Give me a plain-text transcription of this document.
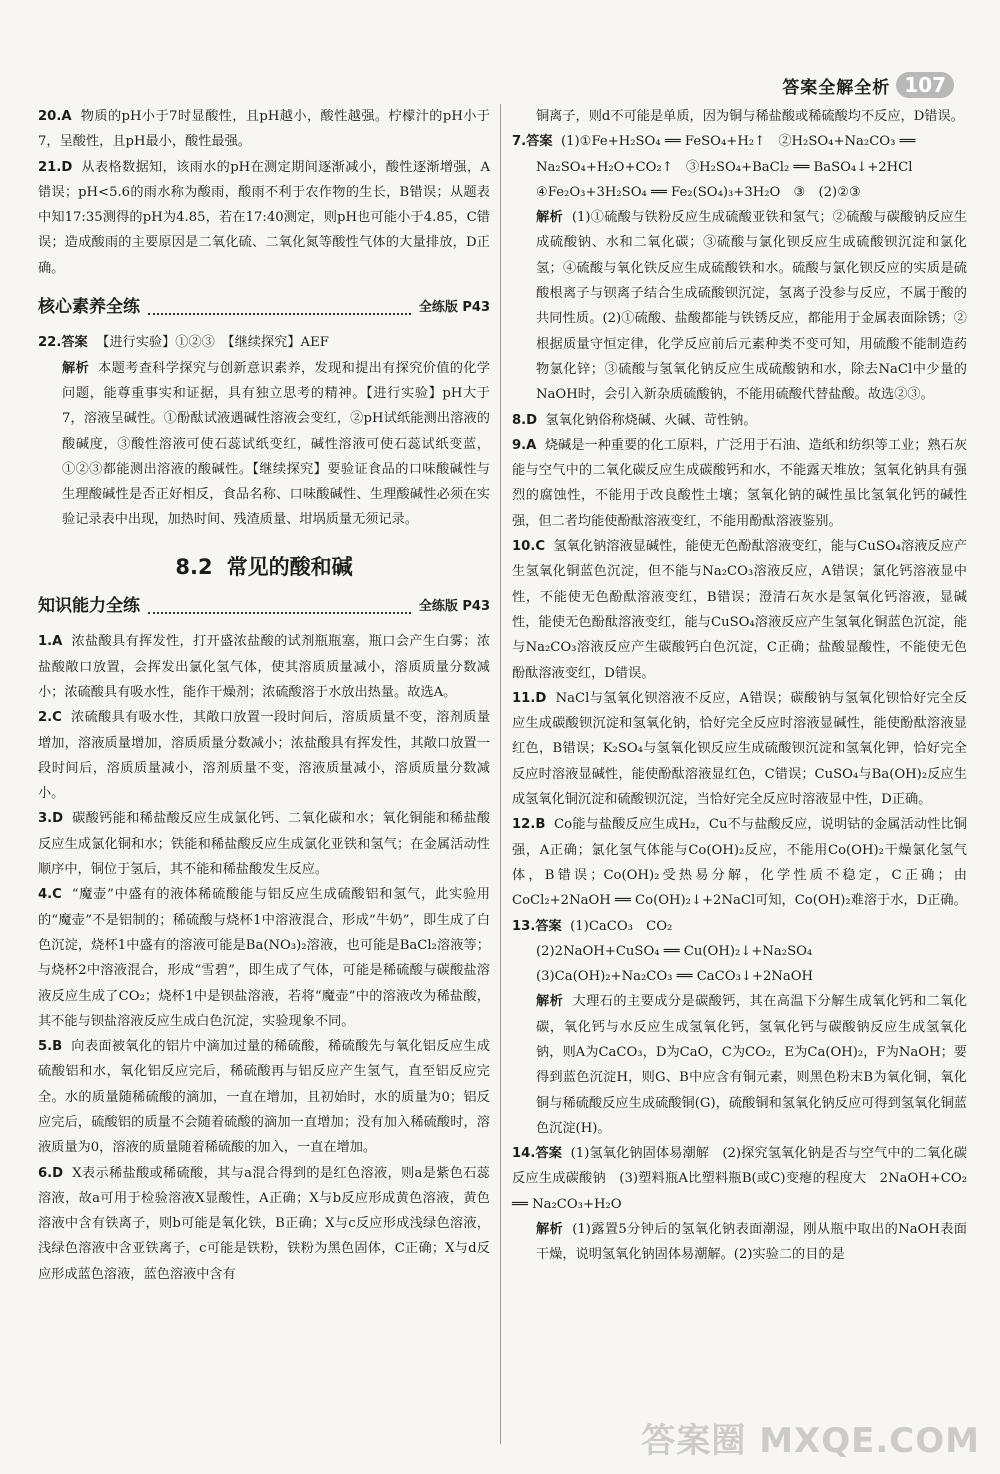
答案全解全析 107

20.A 物质的pH小于7时显酸性，且pH越小，酸性越强。柠檬汁的pH小于7，呈酸性，且pH最小，酸性最强。

21.D 从表格数据知，该雨水的pH在测定期间逐渐减小，酸性逐渐增强，A错误；pH<5.6的雨水称为酸雨，酸雨不利于农作物的生长，B错误；从题表中知17:35测得的pH为4.85，若在17:40测定，则pH也可能小于4.85，C错误；造成酸雨的主要原因是二氧化硫、二氧化氮等酸性气体的大量排放，D正确。

核心素养全练	全练版 P43

22.答案 【进行实验】①②③　【继续探究】AEF

解析 本题考查科学探究与创新意识素养，发现和提出有探究价值的化学问题，能尊重事实和证据，具有独立思考的精神。【进行实验】pH大于7，溶液呈碱性。①酚酞试液遇碱性溶液会变红，②pH试纸能测出溶液的酸碱度，③酸性溶液可使石蕊试纸变红，碱性溶液可使石蕊试纸变蓝，①②③都能测出溶液的酸碱性。【继续探究】要验证食品的口味酸碱性与生理酸碱性是否正好相反，食品名称、口味酸碱性、生理酸碱性必须在实验记录表中出现，加热时间、残渣质量、坩埚质量无须记录。

8.2 常见的酸和碱
知识能力全练	全练版 P43

1.A 浓盐酸具有挥发性，打开盛浓盐酸的试剂瓶瓶塞，瓶口会产生白雾；浓盐酸敞口放置，会挥发出氯化氢气体，使其溶质质量减小，溶质质量分数减小；浓硫酸具有吸水性，能作干燥剂；浓硫酸溶于水放出热量。故选A。

2.C 浓硫酸具有吸水性，其敞口放置一段时间后，溶质质量不变，溶剂质量增加，溶液质量增加，溶质质量分数减小；浓盐酸具有挥发性，其敞口放置一段时间后，溶质质量减小，溶剂质量不变，溶液质量减小，溶质质量分数减小。

3.D 碳酸钙能和稀盐酸反应生成氯化钙、二氧化碳和水；氧化铜能和稀盐酸反应生成氯化铜和水；铁能和稀盐酸反应生成氯化亚铁和氢气；在金属活动性顺序中，铜位于氢后，其不能和稀盐酸发生反应。

4.C “魔壶”中盛有的液体稀硫酸能与铝反应生成硫酸铝和氢气，此实验用的“魔壶”不是铝制的；稀硫酸与烧杯1中溶液混合，形成“牛奶”，即生成了白色沉淀，烧杯1中盛有的溶液可能是Ba(NO₃)₂溶液，也可能是BaCl₂溶液等；与烧杯2中溶液混合，形成“雪碧”，即生成了气体，可能是稀硫酸与碳酸盐溶液反应生成了CO₂；烧杯1中是钡盐溶液，若将“魔壶”中的溶液改为稀盐酸，其不能与钡盐溶液反应生成白色沉淀，实验现象不同。

5.B 向表面被氧化的铝片中滴加过量的稀硫酸，稀硫酸先与氧化铝反应生成硫酸铝和水，氧化铝反应完后，稀硫酸再与铝反应产生氢气，直至铝反应完全。水的质量随稀硫酸的滴加，一直在增加，且初始时，水的质量为0；铝反应完后，硫酸铝的质量不会随着硫酸的滴加一直增加；没有加入稀硫酸时，溶液质量为0，溶液的质量随着稀硫酸的加入，一直在增加。

6.D X表示稀盐酸或稀硫酸，其与a混合得到的是红色溶液，则a是紫色石蕊溶液，故a可用于检验溶液X显酸性，A正确；X与b反应形成黄色溶液，黄色溶液中含有铁离子，则b可能是氧化铁，B正确；X与c反应形成浅绿色溶液，浅绿色溶液中含亚铁离子，c可能是铁粉，铁粉为黑色固体，C正确；X与d反应形成蓝色溶液，蓝色溶液中含有

铜离子，则d不可能是单质，因为铜与稀盐酸或稀硫酸均不反应，D错误。

7.答案 (1)①Fe+H₂SO₄ ══ FeSO₄+H₂↑　②H₂SO₄+Na₂CO₃ ══

Na₂SO₄+H₂O+CO₂↑　③H₂SO₄+BaCl₂ ══ BaSO₄↓+2HCl

④Fe₂O₃+3H₂SO₄ ══ Fe₂(SO₄)₃+3H₂O　③　(2)②③

解析 (1)①硫酸与铁粉反应生成硫酸亚铁和氢气；②硫酸与碳酸钠反应生成硫酸钠、水和二氧化碳；③硫酸与氯化钡反应生成硫酸钡沉淀和氯化氢；④硫酸与氧化铁反应生成硫酸铁和水。硫酸与氯化钡反应的实质是硫酸根离子与钡离子结合生成硫酸钡沉淀，氢离子没参与反应，不属于酸的共同性质。(2)①硫酸、盐酸都能与铁锈反应，都能用于金属表面除锈；②根据质量守恒定律，化学反应前后元素种类不变可知，用硫酸不能制造药物氯化锌；③硫酸与氢氧化钠反应生成硫酸钠和水，除去NaCl中少量的NaOH时，会引入新杂质硫酸钠，不能用硫酸代替盐酸。故选②③。

8.D 氢氧化钠俗称烧碱、火碱、苛性钠。

9.A 烧碱是一种重要的化工原料，广泛用于石油、造纸和纺织等工业；熟石灰能与空气中的二氧化碳反应生成碳酸钙和水，不能露天堆放；氢氧化钠具有强烈的腐蚀性，不能用于改良酸性土壤；氢氧化钠的碱性虽比氢氧化钙的碱性强，但二者均能使酚酞溶液变红，不能用酚酞溶液鉴别。

10.C 氢氧化钠溶液显碱性，能使无色酚酞溶液变红，能与CuSO₄溶液反应产生氢氧化铜蓝色沉淀，但不能与Na₂CO₃溶液反应，A错误；氯化钙溶液显中性，不能使无色酚酞溶液变红，B错误；澄清石灰水是氢氧化钙溶液，显碱性，能使无色酚酞溶液变红，能与CuSO₄溶液反应产生氢氧化铜蓝色沉淀，能与Na₂CO₃溶液反应产生碳酸钙白色沉淀，C正确；盐酸显酸性，不能使无色酚酞溶液变红，D错误。

11.D NaCl与氢氧化钡溶液不反应，A错误；碳酸钠与氢氧化钡恰好完全反应生成碳酸钡沉淀和氢氧化钠，恰好完全反应时溶液显碱性，能使酚酞溶液显红色，B错误；K₂SO₄与氢氧化钡反应生成硫酸钡沉淀和氢氧化钾，恰好完全反应时溶液显碱性，能使酚酞溶液显红色，C错误；CuSO₄与Ba(OH)₂反应生成氢氧化铜沉淀和硫酸钡沉淀，当恰好完全反应时溶液显中性，D正确。

12.B Co能与盐酸反应生成H₂，Cu不与盐酸反应，说明钴的金属活动性比铜强，A正确；氯化氢气体能与Co(OH)₂反应，不能用Co(OH)₂干燥氯化氢气体，B错误；Co(OH)₂受热易分解，化学性质不稳定，C正确；由CoCl₂+2NaOH ══ Co(OH)₂↓+2NaCl可知，Co(OH)₂难溶于水，D正确。

13.答案 (1)CaCO₃　CO₂

(2)2NaOH+CuSO₄ ══ Cu(OH)₂↓+Na₂SO₄

(3)Ca(OH)₂+Na₂CO₃ ══ CaCO₃↓+2NaOH

解析 大理石的主要成分是碳酸钙，其在高温下分解生成氧化钙和二氧化碳，氧化钙与水反应生成氢氧化钙，氢氧化钙与碳酸钠反应生成氢氧化钠，则A为CaCO₃，D为CaO，C为CO₂，E为Ca(OH)₂，F为NaOH；要得到蓝色沉淀H，则G、B中应含有铜元素，则黑色粉末B为氧化铜，氧化铜与稀硫酸反应生成硫酸铜(G)，硫酸铜和氢氧化钠反应可得到氢氧化铜蓝色沉淀(H)。

14.答案 (1)氢氧化钠固体易潮解　(2)探究氢氧化钠是否与空气中的二氧化碳反应生成碳酸钠　(3)塑料瓶A比塑料瓶B(或C)变瘪的程度大　2NaOH+CO₂ ══ Na₂CO₃+H₂O

解析 (1)露置5分钟后的氢氧化钠表面潮湿，刚从瓶中取出的NaOH表面干燥，说明氢氧化钠固体易潮解。(2)实验二的目的是

答案圈 MXQE.COM
